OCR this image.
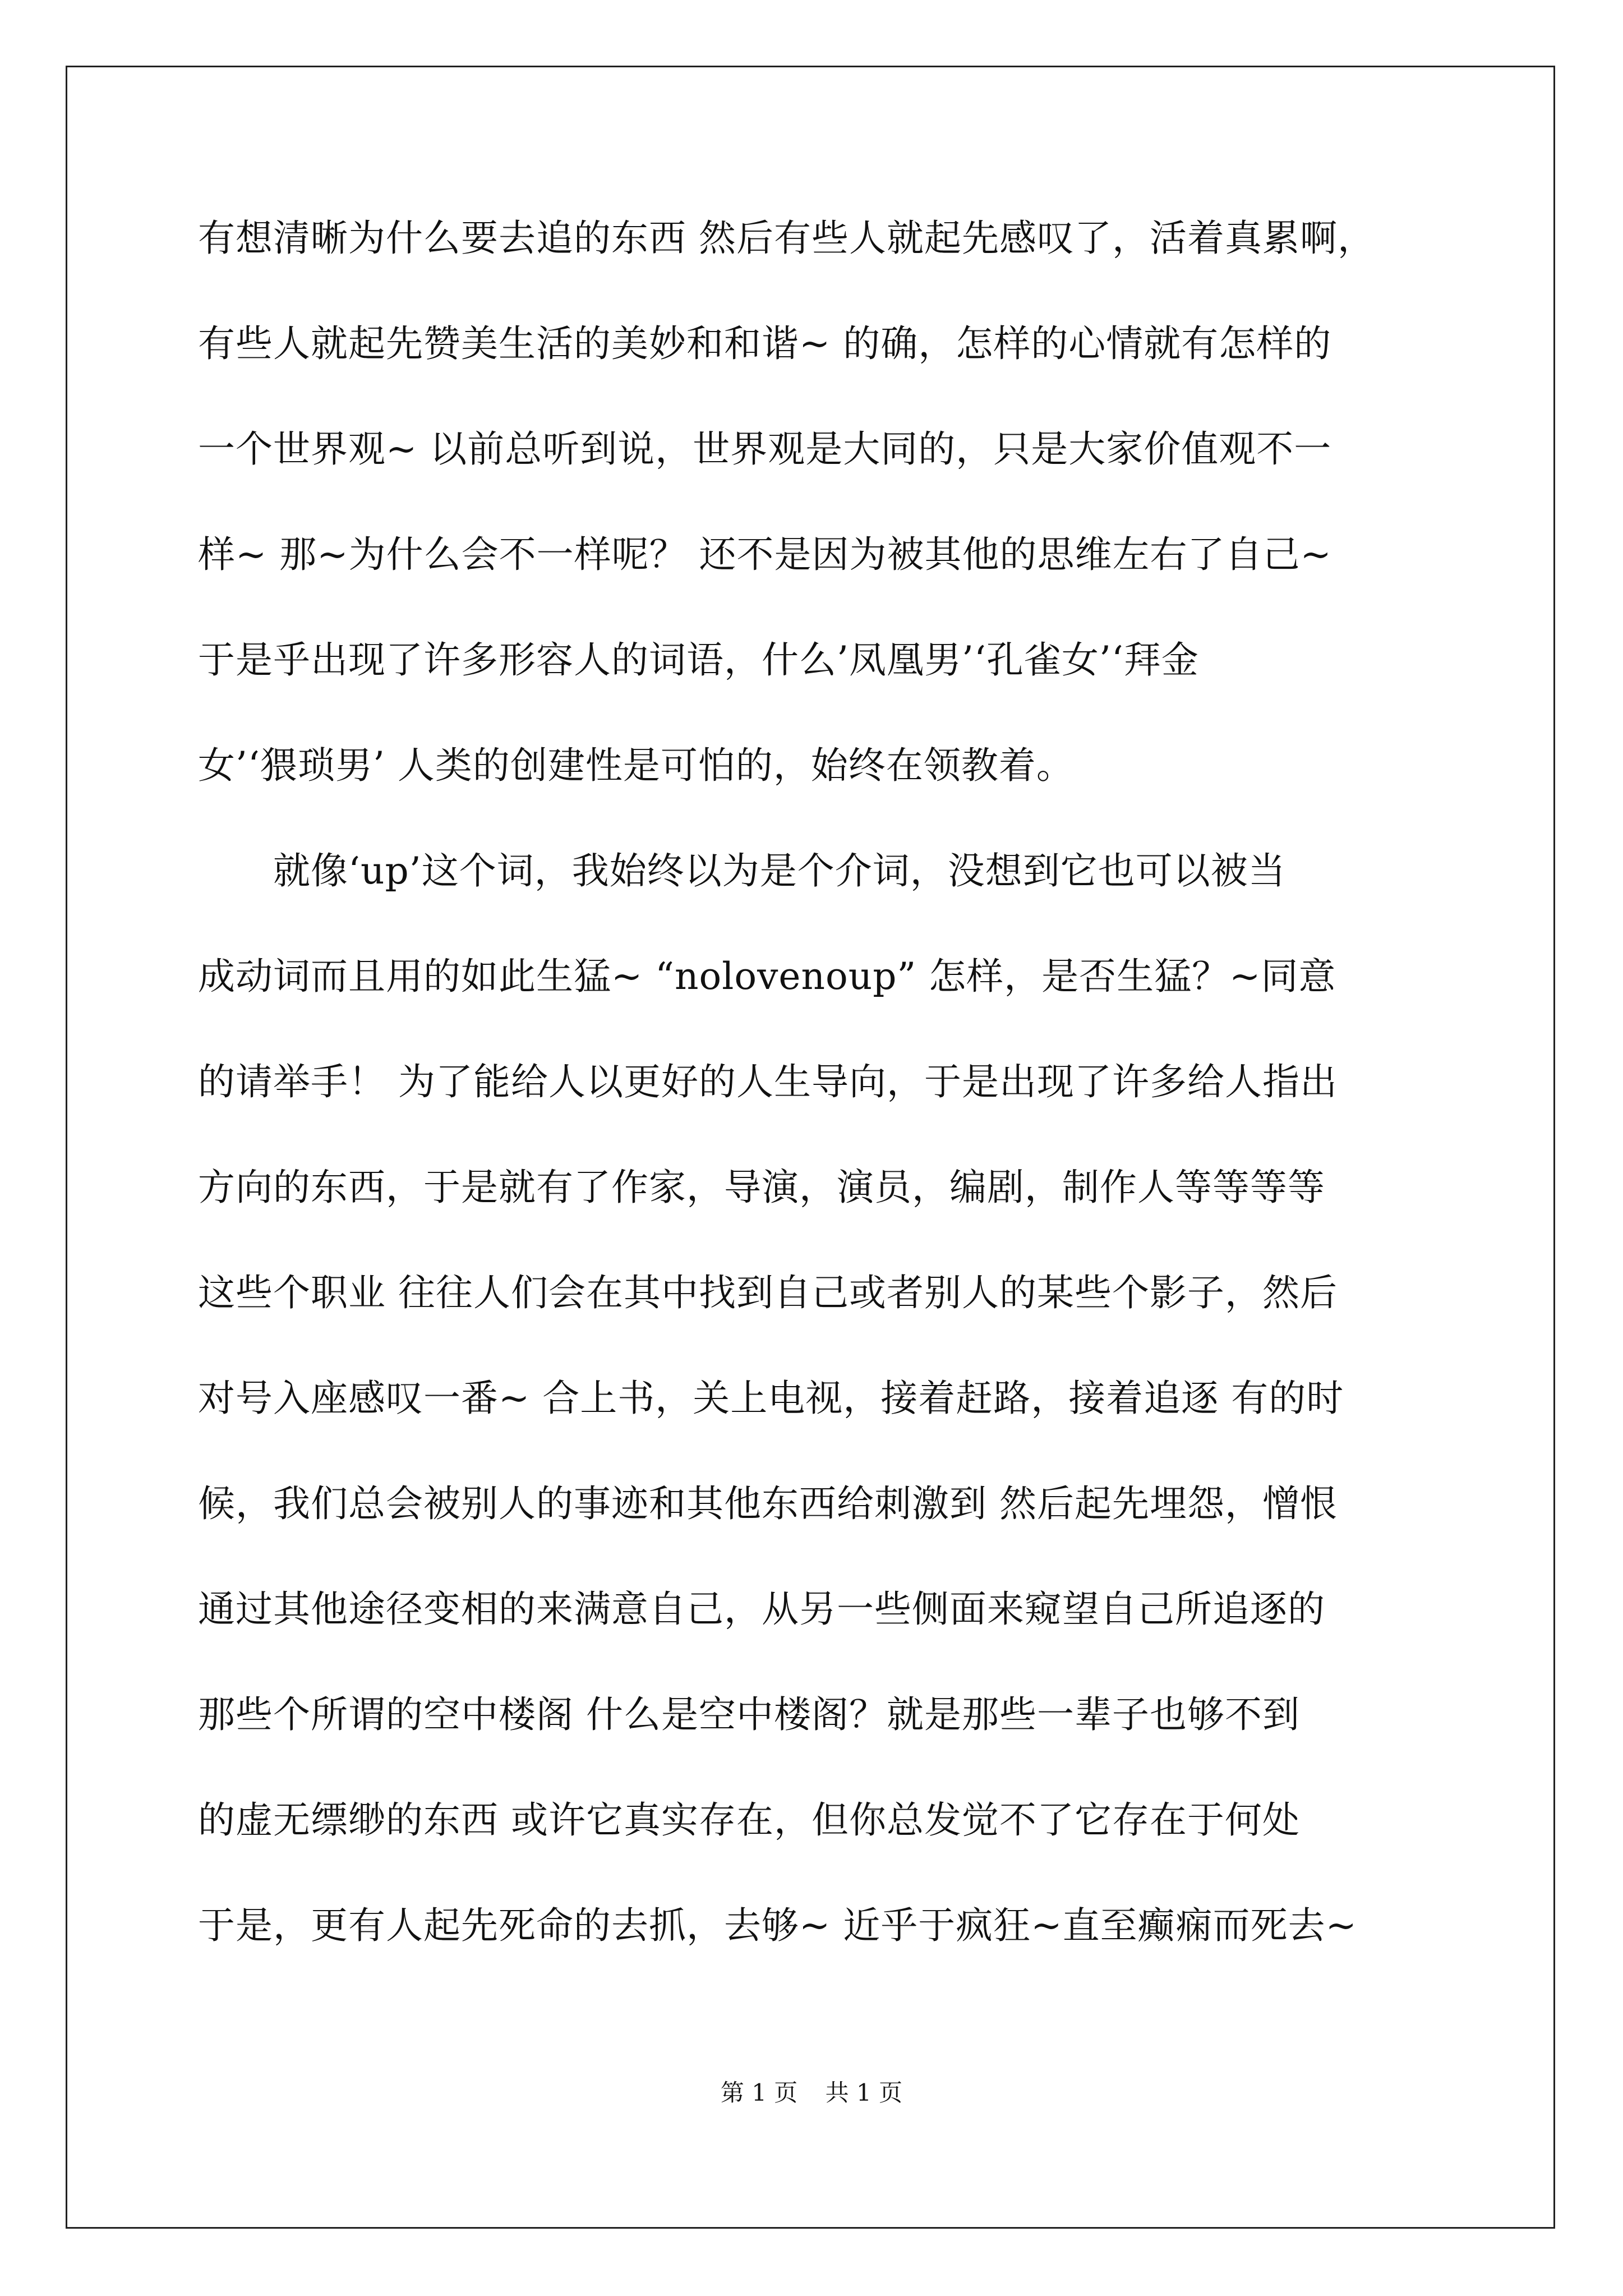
有想清晰为什么要去追的东西 然后有些人就起先感叹了，活着真累啊，
有些人就起先赞美生活的美妙和和谐~ 的确，怎样的心情就有怎样的
一个世界观~ 以前总听到说，世界观是大同的，只是大家价值观不一
样~ 那~为什么会不一样呢？ 还不是因为被其他的思维左右了自己~
于是乎出现了许多形容人的词语，什么’凤凰男’‘孔雀女’‘拜金
女’‘猥琐男’ 人类的创建性是可怕的，始终在领教着。
　　就像‘up’这个词，我始终以为是个介词，没想到它也可以被当
成动词而且用的如此生猛~ “nolovenoup” 怎样，是否生猛？~同意
的请举手！ 为了能给人以更好的人生导向，于是出现了许多给人指出
方向的东西，于是就有了作家，导演，演员，编剧，制作人等等等等
这些个职业 往往人们会在其中找到自己或者别人的某些个影子，然后
对号入座感叹一番~ 合上书，关上电视，接着赶路，接着追逐 有的时
候，我们总会被别人的事迹和其他东西给刺激到 然后起先埋怨，憎恨
通过其他途径变相的来满意自己，从另一些侧面来窥望自己所追逐的
那些个所谓的空中楼阁 什么是空中楼阁？就是那些一辈子也够不到
的虚无缥缈的东西 或许它真实存在，但你总发觉不了它存在于何处
于是，更有人起先死命的去抓，去够~ 近乎于疯狂~直至癫痫而死去~
第 1 页 共 1 页
